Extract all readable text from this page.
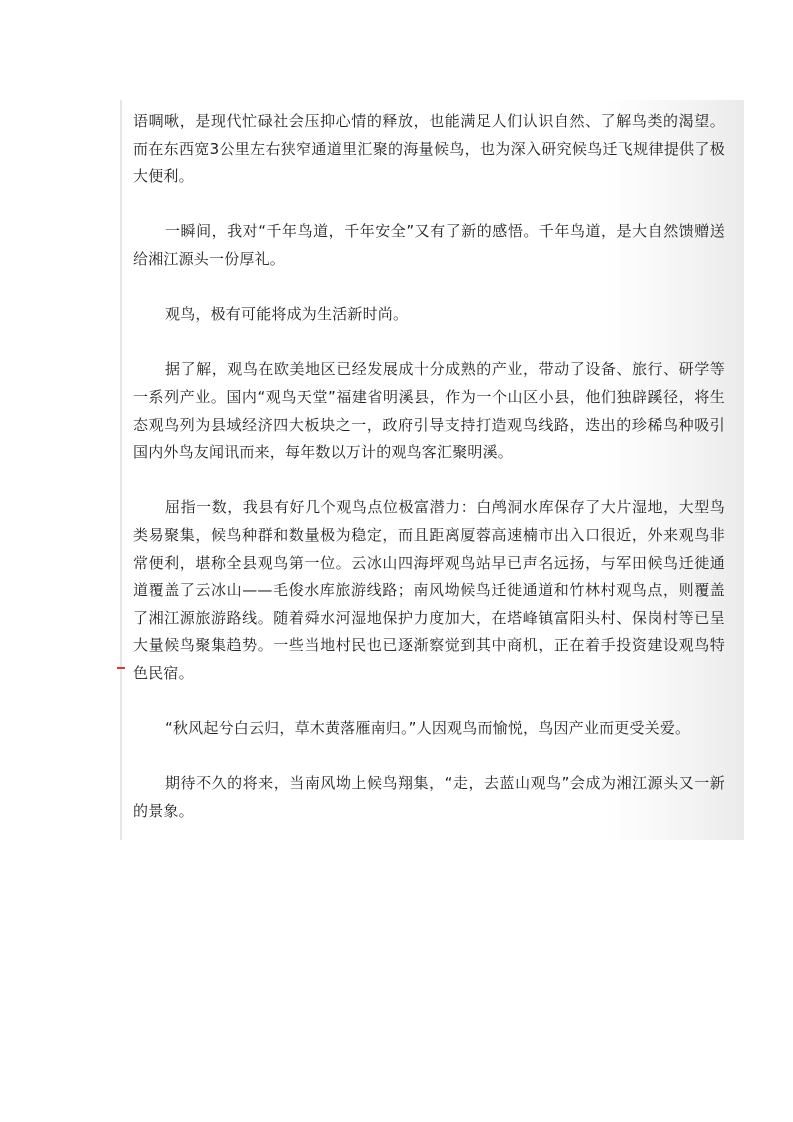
语啁啾，是现代忙碌社会压抑心情的释放，也能满足人们认识自然、了解鸟类的渴望。而在东西宽3公里左右狭窄通道里汇聚的海量候鸟，也为深入研究候鸟迁飞规律提供了极大便利。

一瞬间，我对“千年鸟道，千年安全”又有了新的感悟。千年鸟道，是大自然馈赠送给湘江源头一份厚礼。

观鸟，极有可能将成为生活新时尚。

据了解，观鸟在欧美地区已经发展成十分成熟的产业，带动了设备、旅行、研学等一系列产业。国内“观鸟天堂”福建省明溪县，作为一个山区小县，他们独辟蹊径，将生态观鸟列为县域经济四大板块之一，政府引导支持打造观鸟线路，迭出的珍稀鸟种吸引国内外鸟友闻讯而来，每年数以万计的观鸟客汇聚明溪。

屈指一数，我县有好几个观鸟点位极富潜力：白鸬洞水库保存了大片湿地，大型鸟类易聚集，候鸟种群和数量极为稳定，而且距离厦蓉高速楠市出入口很近，外来观鸟非常便利，堪称全县观鸟第一位。云冰山四海坪观鸟站早已声名远扬，与军田候鸟迁徙通道覆盖了云冰山——毛俊水库旅游线路；南风坳候鸟迁徙通道和竹林村观鸟点，则覆盖了湘江源旅游路线。随着舜水河湿地保护力度加大，在塔峰镇富阳头村、保岗村等已呈大量候鸟聚集趋势。一些当地村民也已逐渐察觉到其中商机，正在着手投资建设观鸟特色民宿。

“秋风起兮白云归，草木黄落雁南归。”人因观鸟而愉悦，鸟因产业而更受关爱。

期待不久的将来，当南风坳上候鸟翔集，“走，去蓝山观鸟”会成为湘江源头又一新的景象。
